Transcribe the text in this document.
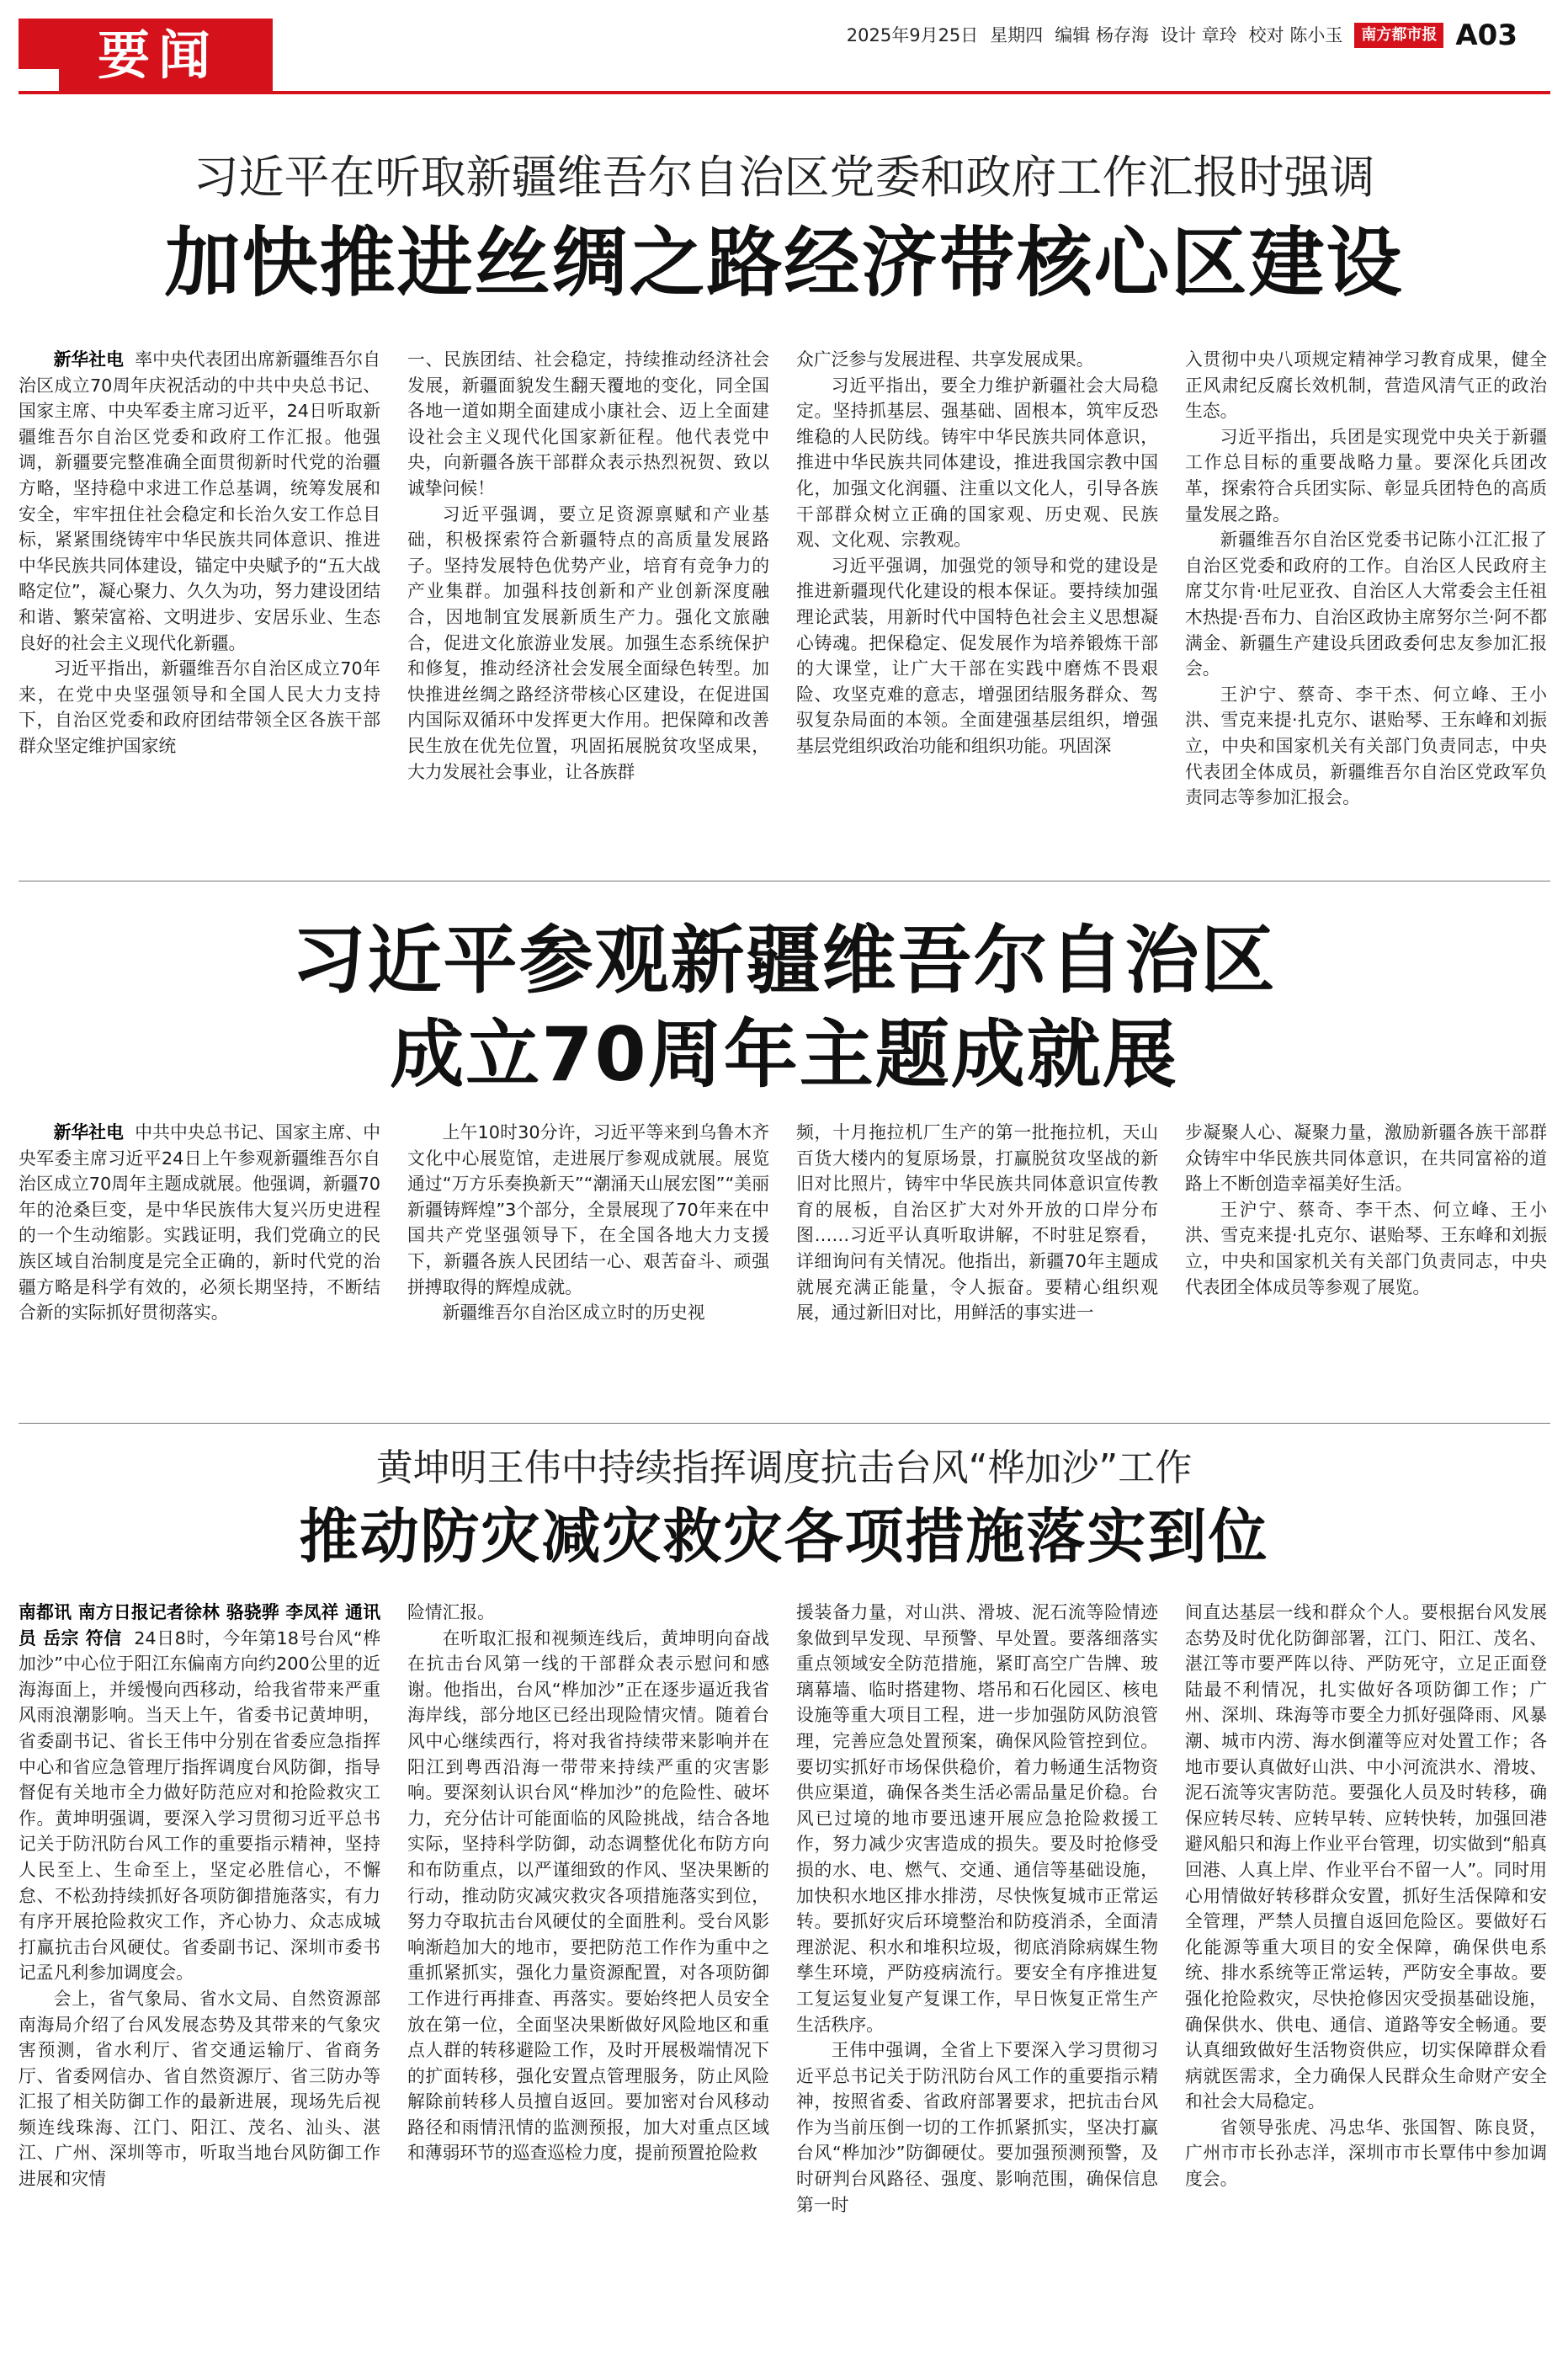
要闻	2025年9月25日 星期四 编辑 杨存海 设计 章玲 校对 陈小玉	南方都市报 A03
习近平在听取新疆维吾尔自治区党委和政府工作汇报时强调
加快推进丝绸之路经济带核心区建设

新华社电 率中央代表团出席新疆维吾尔自治区成立70周年庆祝活动的中共中央总书记、国家主席、中央军委主席习近平，24日听取新疆维吾尔自治区党委和政府工作汇报。他强调，新疆要完整准确全面贯彻新时代党的治疆方略，坚持稳中求进工作总基调，统筹发展和安全，牢牢扭住社会稳定和长治久安工作总目标，紧紧围绕铸牢中华民族共同体意识、推进中华民族共同体建设，锚定中央赋予的“五大战略定位”，凝心聚力、久久为功，努力建设团结和谐、繁荣富裕、文明进步、安居乐业、生态良好的社会主义现代化新疆。

习近平指出，新疆维吾尔自治区成立70年来，在党中央坚强领导和全国人民大力支持下，自治区党委和政府团结带领全区各族干部群众坚定维护国家统

一、民族团结、社会稳定，持续推动经济社会发展，新疆面貌发生翻天覆地的变化，同全国各地一道如期全面建成小康社会、迈上全面建设社会主义现代化国家新征程。他代表党中央，向新疆各族干部群众表示热烈祝贺、致以诚挚问候！

习近平强调，要立足资源禀赋和产业基础，积极探索符合新疆特点的高质量发展路子。坚持发展特色优势产业，培育有竞争力的产业集群。加强科技创新和产业创新深度融合，因地制宜发展新质生产力。强化文旅融合，促进文化旅游业发展。加强生态系统保护和修复，推动经济社会发展全面绿色转型。加快推进丝绸之路经济带核心区建设，在促进国内国际双循环中发挥更大作用。把保障和改善民生放在优先位置，巩固拓展脱贫攻坚成果，大力发展社会事业，让各族群

众广泛参与发展进程、共享发展成果。

习近平指出，要全力维护新疆社会大局稳定。坚持抓基层、强基础、固根本，筑牢反恐维稳的人民防线。铸牢中华民族共同体意识，推进中华民族共同体建设，推进我国宗教中国化，加强文化润疆、注重以文化人，引导各族干部群众树立正确的国家观、历史观、民族观、文化观、宗教观。

习近平强调，加强党的领导和党的建设是推进新疆现代化建设的根本保证。要持续加强理论武装，用新时代中国特色社会主义思想凝心铸魂。把保稳定、促发展作为培养锻炼干部的大课堂，让广大干部在实践中磨炼不畏艰险、攻坚克难的意志，增强团结服务群众、驾驭复杂局面的本领。全面建强基层组织，增强基层党组织政治功能和组织功能。巩固深

入贯彻中央八项规定精神学习教育成果，健全正风肃纪反腐长效机制，营造风清气正的政治生态。

习近平指出，兵团是实现党中央关于新疆工作总目标的重要战略力量。要深化兵团改革，探索符合兵团实际、彰显兵团特色的高质量发展之路。

新疆维吾尔自治区党委书记陈小江汇报了自治区党委和政府的工作。自治区人民政府主席艾尔肯·吐尼亚孜、自治区人大常委会主任祖木热提·吾布力、自治区政协主席努尔兰·阿不都满金、新疆生产建设兵团政委何忠友参加汇报会。

王沪宁、蔡奇、李干杰、何立峰、王小洪、雪克来提·扎克尔、谌贻琴、王东峰和刘振立，中央和国家机关有关部门负责同志，中央代表团全体成员，新疆维吾尔自治区党政军负责同志等参加汇报会。

习近平参观新疆维吾尔自治区
成立70周年主题成就展

新华社电 中共中央总书记、国家主席、中央军委主席习近平24日上午参观新疆维吾尔自治区成立70周年主题成就展。他强调，新疆70年的沧桑巨变，是中华民族伟大复兴历史进程的一个生动缩影。实践证明，我们党确立的民族区域自治制度是完全正确的，新时代党的治疆方略是科学有效的，必须长期坚持，不断结合新的实际抓好贯彻落实。

上午10时30分许，习近平等来到乌鲁木齐文化中心展览馆，走进展厅参观成就展。展览通过“万方乐奏换新天”“潮涌天山展宏图”“美丽新疆铸辉煌”3个部分，全景展现了70年来在中国共产党坚强领导下，在全国各地大力支援下，新疆各族人民团结一心、艰苦奋斗、顽强拼搏取得的辉煌成就。

新疆维吾尔自治区成立时的历史视

频，十月拖拉机厂生产的第一批拖拉机，天山百货大楼内的复原场景，打赢脱贫攻坚战的新旧对比照片，铸牢中华民族共同体意识宣传教育的展板，自治区扩大对外开放的口岸分布图……习近平认真听取讲解，不时驻足察看，详细询问有关情况。他指出，新疆70年主题成就展充满正能量，令人振奋。要精心组织观展，通过新旧对比，用鲜活的事实进一

步凝聚人心、凝聚力量，激励新疆各族干部群众铸牢中华民族共同体意识，在共同富裕的道路上不断创造幸福美好生活。

王沪宁、蔡奇、李干杰、何立峰、王小洪、雪克来提·扎克尔、谌贻琴、王东峰和刘振立，中央和国家机关有关部门负责同志，中央代表团全体成员等参观了展览。

黄坤明王伟中持续指挥调度抗击台风“桦加沙”工作
推动防灾减灾救灾各项措施落实到位

南都讯 南方日报记者徐林 骆骁骅 李凤祥 通讯员 岳宗 符信 24日8时，今年第18号台风“桦加沙”中心位于阳江东偏南方向约200公里的近海海面上，并缓慢向西移动，给我省带来严重风雨浪潮影响。当天上午，省委书记黄坤明，省委副书记、省长王伟中分别在省委应急指挥中心和省应急管理厅指挥调度台风防御，指导督促有关地市全力做好防范应对和抢险救灾工作。黄坤明强调，要深入学习贯彻习近平总书记关于防汛防台风工作的重要指示精神，坚持人民至上、生命至上，坚定必胜信心，不懈怠、不松劲持续抓好各项防御措施落实，有力有序开展抢险救灾工作，齐心协力、众志成城打赢抗击台风硬仗。省委副书记、深圳市委书记孟凡利参加调度会。

会上，省气象局、省水文局、自然资源部南海局介绍了台风发展态势及其带来的气象灾害预测，省水利厅、省交通运输厅、省商务厅、省委网信办、省自然资源厅、省三防办等汇报了相关防御工作的最新进展，现场先后视频连线珠海、江门、阳江、茂名、汕头、湛江、广州、深圳等市，听取当地台风防御工作进展和灾情

险情汇报。

在听取汇报和视频连线后，黄坤明向奋战在抗击台风第一线的干部群众表示慰问和感谢。他指出，台风“桦加沙”正在逐步逼近我省海岸线，部分地区已经出现险情灾情。随着台风中心继续西行，将对我省持续带来影响并在阳江到粤西沿海一带带来持续严重的灾害影响。要深刻认识台风“桦加沙”的危险性、破坏力，充分估计可能面临的风险挑战，结合各地实际，坚持科学防御，动态调整优化布防方向和布防重点，以严谨细致的作风、坚决果断的行动，推动防灾减灾救灾各项措施落实到位，努力夺取抗击台风硬仗的全面胜利。受台风影响渐趋加大的地市，要把防范工作作为重中之重抓紧抓实，强化力量资源配置，对各项防御工作进行再排查、再落实。要始终把人员安全放在第一位，全面坚决果断做好风险地区和重点人群的转移避险工作，及时开展极端情况下的扩面转移，强化安置点管理服务，防止风险解除前转移人员擅自返回。要加密对台风移动路径和雨情汛情的监测预报，加大对重点区域和薄弱环节的巡查巡检力度，提前预置抢险救

援装备力量，对山洪、滑坡、泥石流等险情迹象做到早发现、早预警、早处置。要落细落实重点领域安全防范措施，紧盯高空广告牌、玻璃幕墙、临时搭建物、塔吊和石化园区、核电设施等重大项目工程，进一步加强防风防浪管理，完善应急处置预案，确保风险管控到位。要切实抓好市场保供稳价，着力畅通生活物资供应渠道，确保各类生活必需品量足价稳。台风已过境的地市要迅速开展应急抢险救援工作，努力减少灾害造成的损失。要及时抢修受损的水、电、燃气、交通、通信等基础设施，加快积水地区排水排涝，尽快恢复城市正常运转。要抓好灾后环境整治和防疫消杀，全面清理淤泥、积水和堆积垃圾，彻底消除病媒生物孳生环境，严防疫病流行。要安全有序推进复工复运复业复产复课工作，早日恢复正常生产生活秩序。

王伟中强调，全省上下要深入学习贯彻习近平总书记关于防汛防台风工作的重要指示精神，按照省委、省政府部署要求，把抗击台风作为当前压倒一切的工作抓紧抓实，坚决打赢台风“桦加沙”防御硬仗。要加强预测预警，及时研判台风路径、强度、影响范围，确保信息第一时

间直达基层一线和群众个人。要根据台风发展态势及时优化防御部署，江门、阳江、茂名、湛江等市要严阵以待、严防死守，立足正面登陆最不利情况，扎实做好各项防御工作；广州、深圳、珠海等市要全力抓好强降雨、风暴潮、城市内涝、海水倒灌等应对处置工作；各地市要认真做好山洪、中小河流洪水、滑坡、泥石流等灾害防范。要强化人员及时转移，确保应转尽转、应转早转、应转快转，加强回港避风船只和海上作业平台管理，切实做到“船真回港、人真上岸、作业平台不留一人”。同时用心用情做好转移群众安置，抓好生活保障和安全管理，严禁人员擅自返回危险区。要做好石化能源等重大项目的安全保障，确保供电系统、排水系统等正常运转，严防安全事故。要强化抢险救灾，尽快抢修因灾受损基础设施，确保供水、供电、通信、道路等安全畅通。要认真细致做好生活物资供应，切实保障群众看病就医需求，全力确保人民群众生命财产安全和社会大局稳定。

省领导张虎、冯忠华、张国智、陈良贤，广州市市长孙志洋，深圳市市长覃伟中参加调度会。
